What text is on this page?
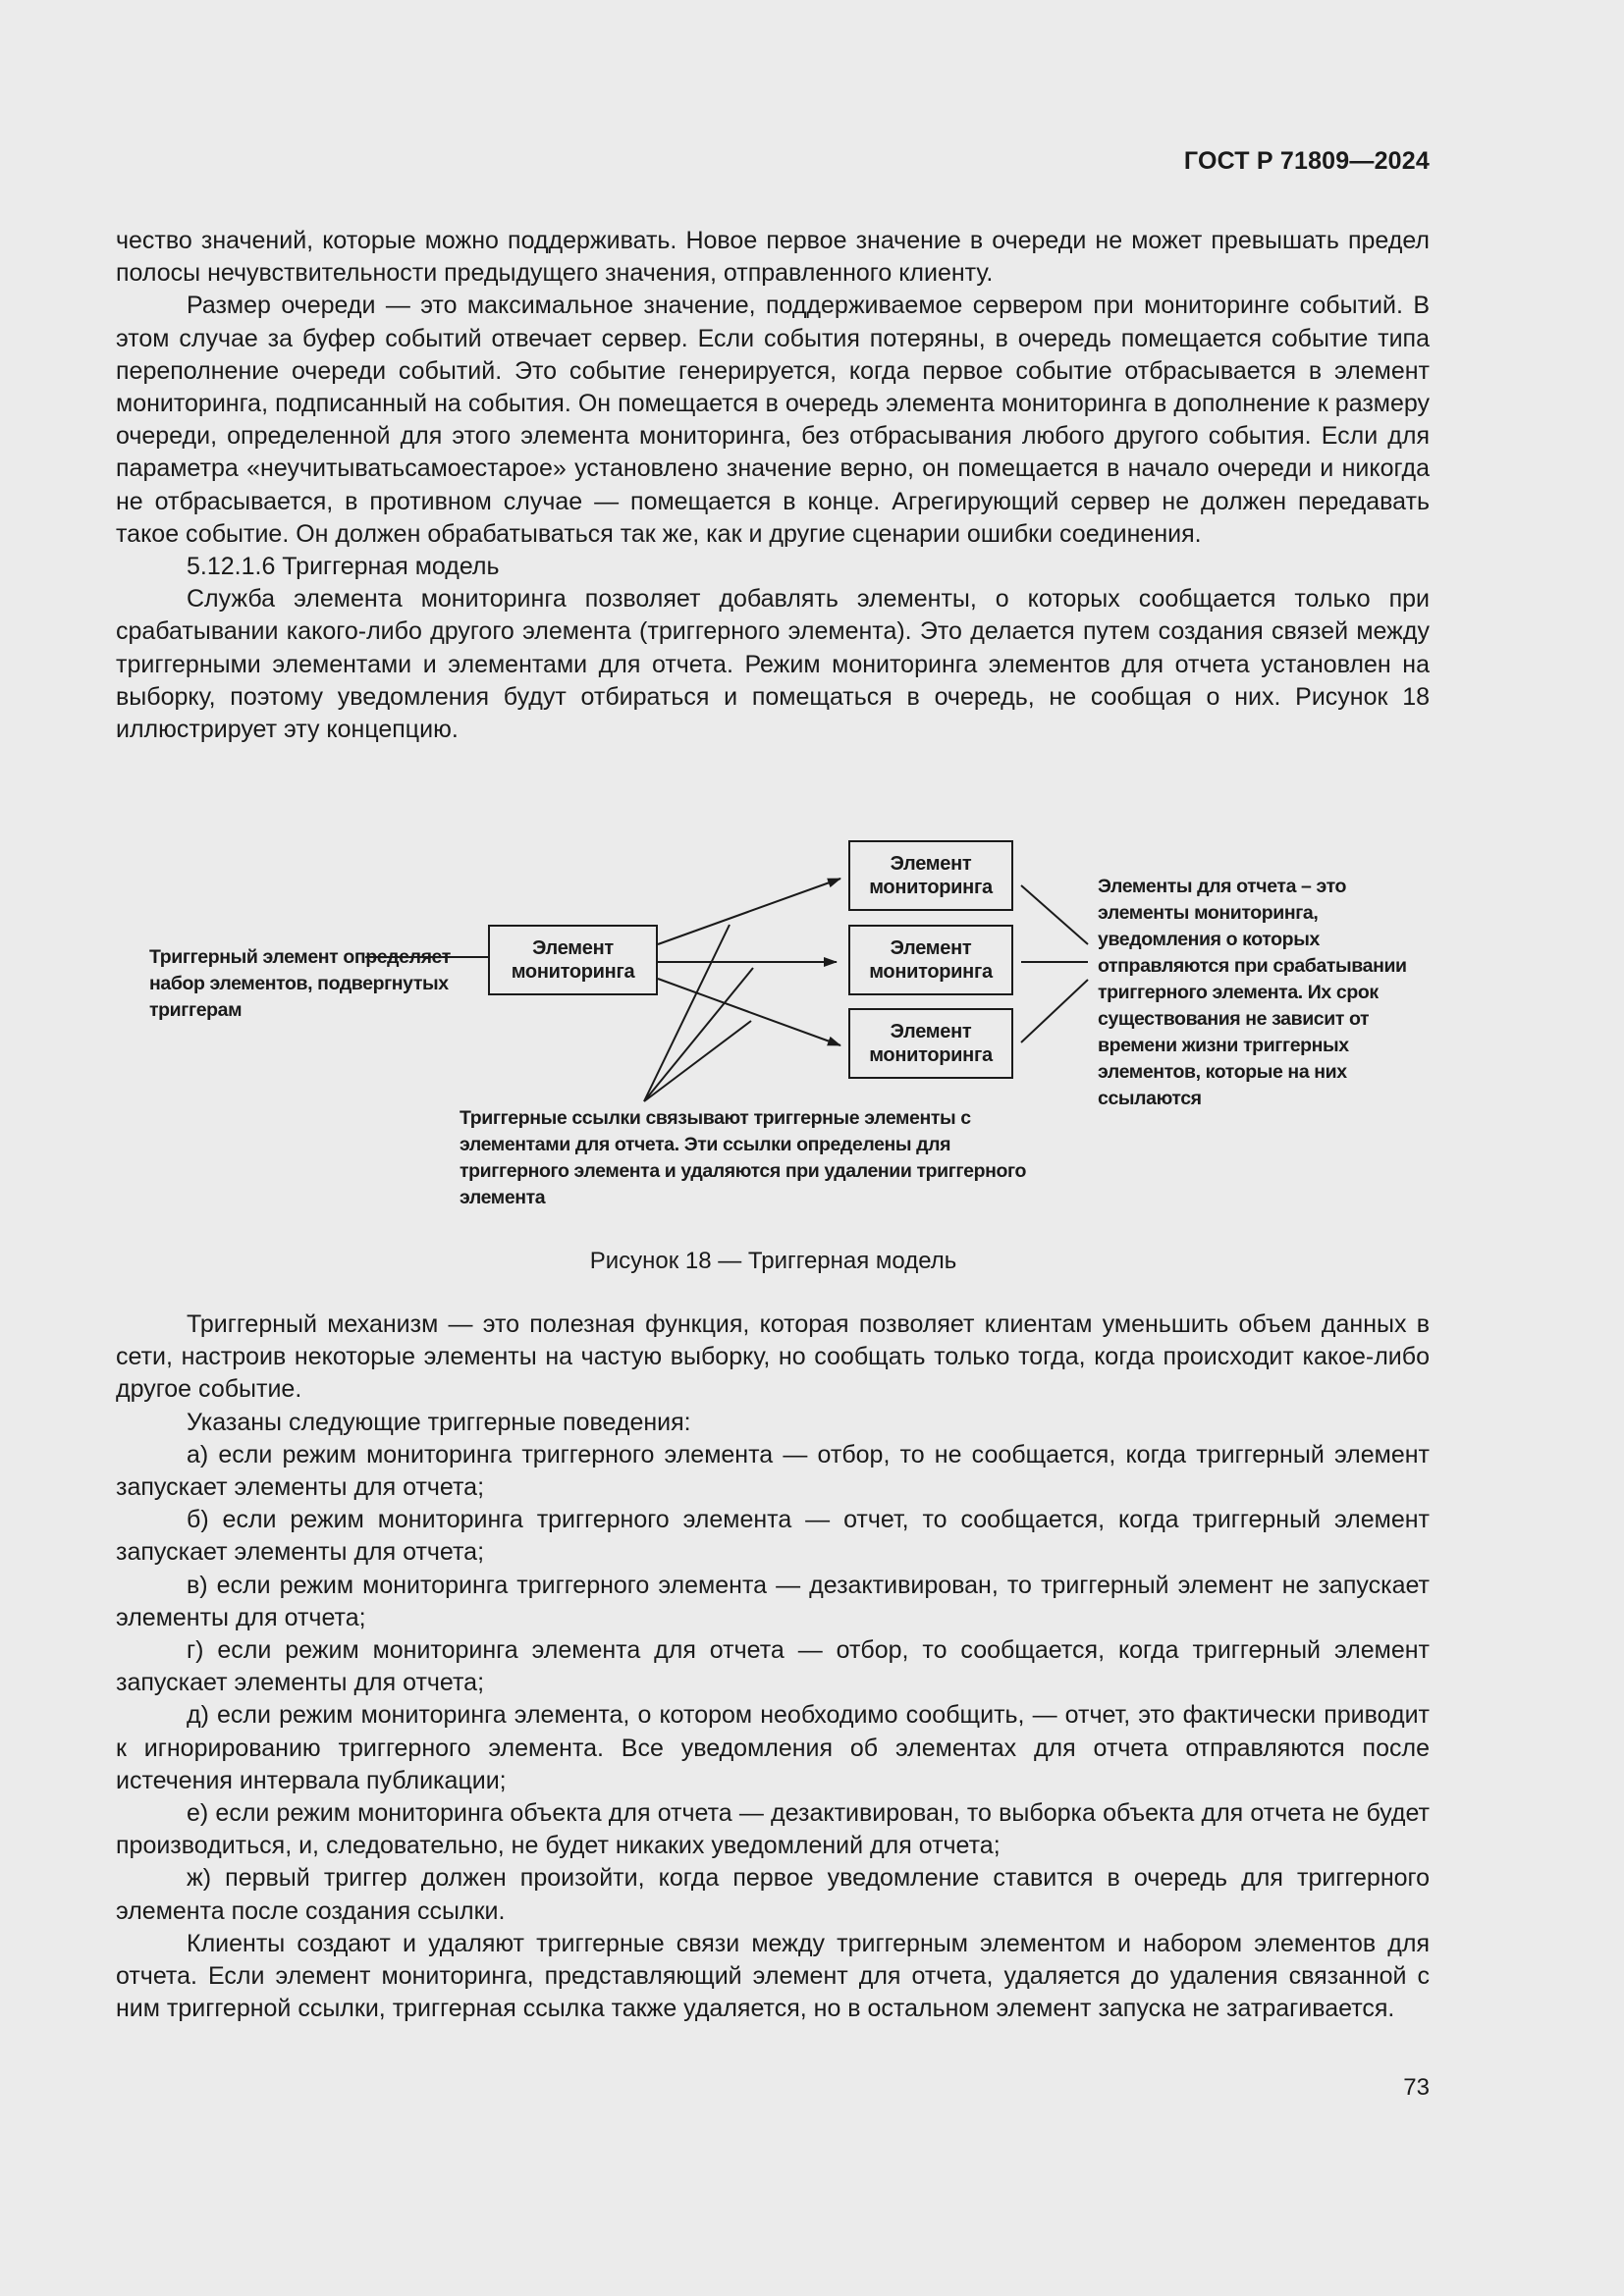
ГОСТ Р 71809—2024

чество значений, которые можно поддерживать. Новое первое значение в очереди не может превышать предел полосы нечувствительности предыдущего значения, отправленного клиенту.

Размер очереди — это максимальное значение, поддерживаемое сервером при мониторинге событий. В этом случае за буфер событий отвечает сервер. Если события потеряны, в очередь помещается событие типа переполнение очереди событий. Это событие генерируется, когда первое событие отбрасывается в элемент мониторинга, подписанный на события. Он помещается в очередь элемента мониторинга в дополнение к размеру очереди, определенной для этого элемента мониторинга, без отбрасывания любого другого события. Если для параметра «неучитыватьсамоестарое» установлено значение верно, он помещается в начало очереди и никогда не отбрасывается, в противном случае — помещается в конце. Агрегирующий сервер не должен передавать такое событие. Он должен обрабатываться так же, как и другие сценарии ошибки соединения.

5.12.1.6 Триггерная модель

Служба элемента мониторинга позволяет добавлять элементы, о которых сообщается только при срабатывании какого-либо другого элемента (триггерного элемента). Это делается путем создания связей между триггерными элементами и элементами для отчета. Режим мониторинга элементов для отчета установлен на выборку, поэтому уведомления будут отбираться и помещаться в очередь, не сообщая о них. Рисунок 18 иллюстрирует эту концепцию.

Элемент мониторинга
Элемент мониторинга
Элемент мониторинга
Элемент мониторинга
Триггерный элемент определяет набор элементов, подвергнутых триггерам
Триггерные ссылки связывают триггерные элементы с элементами для отчета. Эти ссылки определены для триггерного элемента и удаляются при удалении триггерного элемента
Элементы для отчета – это элементы мониторинга, уведомления о которых отправляются при срабатывании триггерного элемента. Их срок существования не зависит от времени жизни триггерных элементов, которые на них ссылаются
Рисунок 18 — Триггерная модель

Триггерный механизм — это полезная функция, которая позволяет клиентам уменьшить объем данных в сети, настроив некоторые элементы на частую выборку, но сообщать только тогда, когда происходит какое-либо другое событие.

Указаны следующие триггерные поведения:

а) если режим мониторинга триггерного элемента — отбор, то не сообщается, когда триггерный элемент запускает элементы для отчета;

б) если режим мониторинга триггерного элемента — отчет, то сообщается, когда триггерный элемент запускает элементы для отчета;

в) если режим мониторинга триггерного элемента — дезактивирован, то триггерный элемент не запускает элементы для отчета;

г) если режим мониторинга элемента для отчета — отбор, то сообщается, когда триггерный элемент запускает элементы для отчета;

д) если режим мониторинга элемента, о котором необходимо сообщить, — отчет, это фактически приводит к игнорированию триггерного элемента. Все уведомления об элементах для отчета отправляются после истечения интервала публикации;

е) если режим мониторинга объекта для отчета — дезактивирован, то выборка объекта для отчета не будет производиться, и, следовательно, не будет никаких уведомлений для отчета;

ж) первый триггер должен произойти, когда первое уведомление ставится в очередь для триггерного элемента после создания ссылки.

Клиенты создают и удаляют триггерные связи между триггерным элементом и набором элементов для отчета. Если элемент мониторинга, представляющий элемент для отчета, удаляется до удаления связанной с ним триггерной ссылки, триггерная ссылка также удаляется, но в остальном элемент запуска не затрагивается.

73
